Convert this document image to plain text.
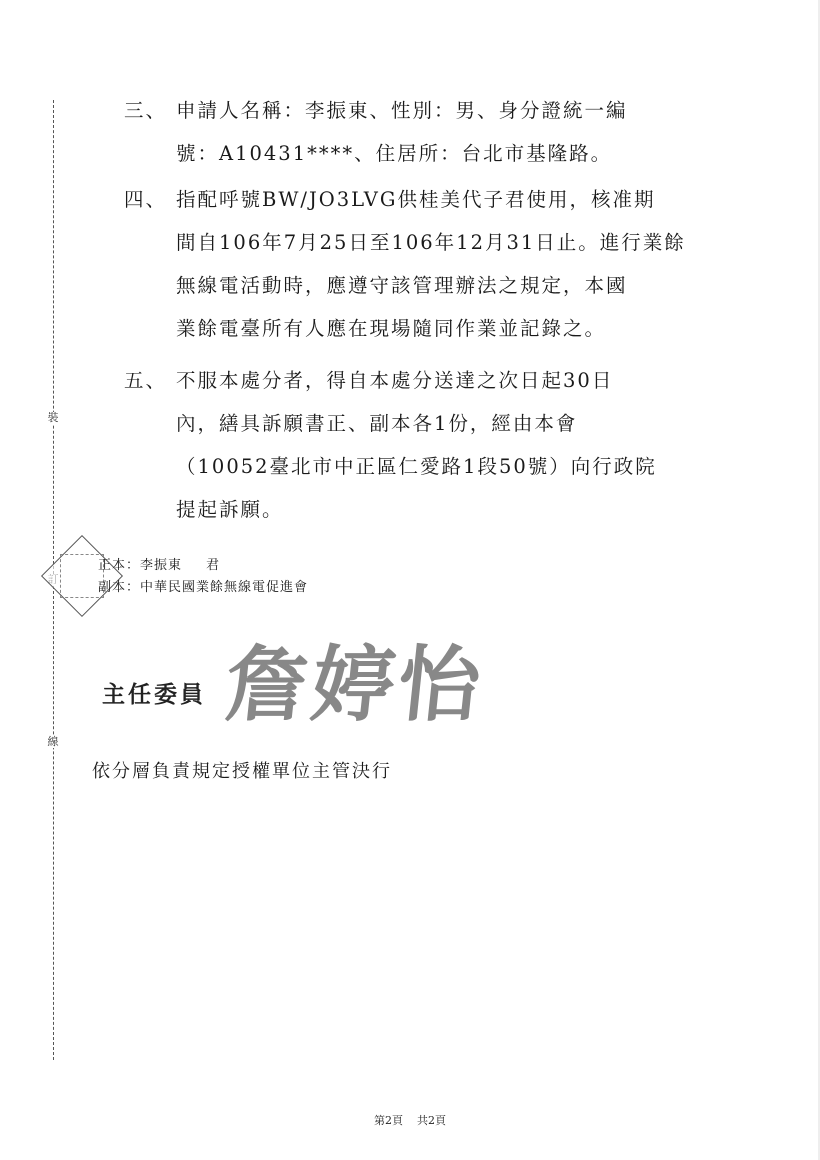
裝
線
三、 申請人名稱：李振東、性別：男、身分證統一編
號：A10431****、住居所：台北市基隆路。
四、 指配呼號BW/JO3LVG供桂美代子君使用，核准期
間自106年7月25日至106年12月31日止。進行業餘
無線電活動時，應遵守該管理辦法之規定，本國
業餘電臺所有人應在現場隨同作業並記錄之。
五、 不服本處分者，得自本處分送達之次日起30日
內，繕具訴願書正、副本各1份，經由本會
（10052臺北市中正區仁愛路1段50號）向行政院
提起訴願。
正本：李振東 君
副本：中華民國業餘無線電促進會
主任委員 詹婷怡
依分層負責規定授權單位主管決行
第2頁 共2頁
